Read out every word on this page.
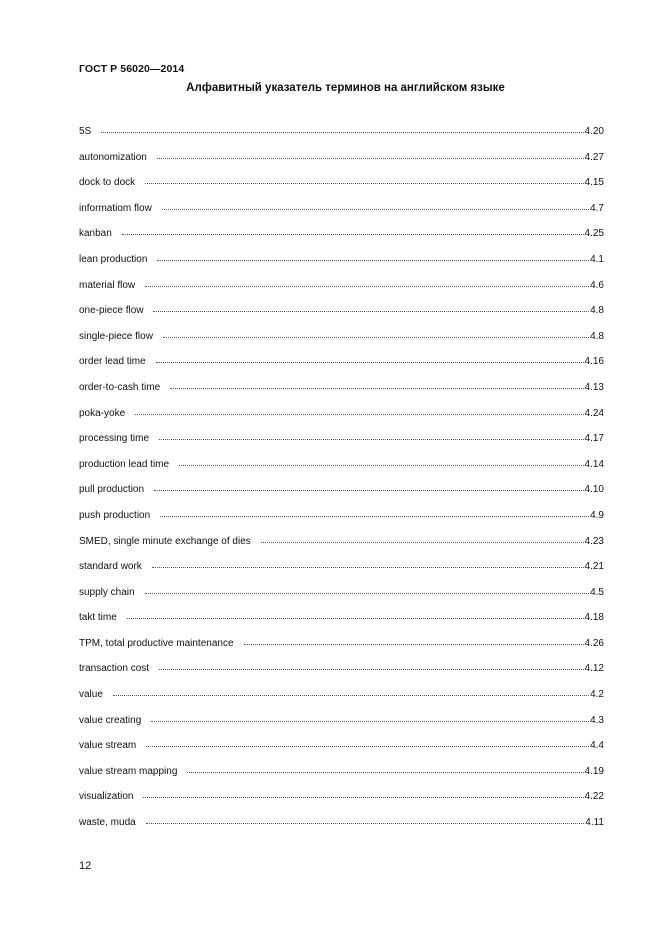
ГОСТ Р 56020—2014
Алфавитный указатель терминов на английском языке
5S	4.20
autonomization	4.27
dock to dock	4.15
informatiom flow	4.7
kanban	4.25
lean production	4.1
material flow	4.6
one-piece flow	4.8
single-piece flow	4.8
order lead time	4.16
order-to-cash time	4.13
poka-yoke	4.24
processing time	4.17
production lead time	4.14
pull production	4.10
push production	4.9
SMED, single minute exchange of dies	4.23
standard work	4.21
supply chain	4.5
takt time	4.18
TPM, total productive maintenance	4.26
transaction cost	4.12
value	4.2
value creating	4.3
value stream	4.4
value stream mapping	4.19
visualization	4.22
waste, muda	4.11
12
